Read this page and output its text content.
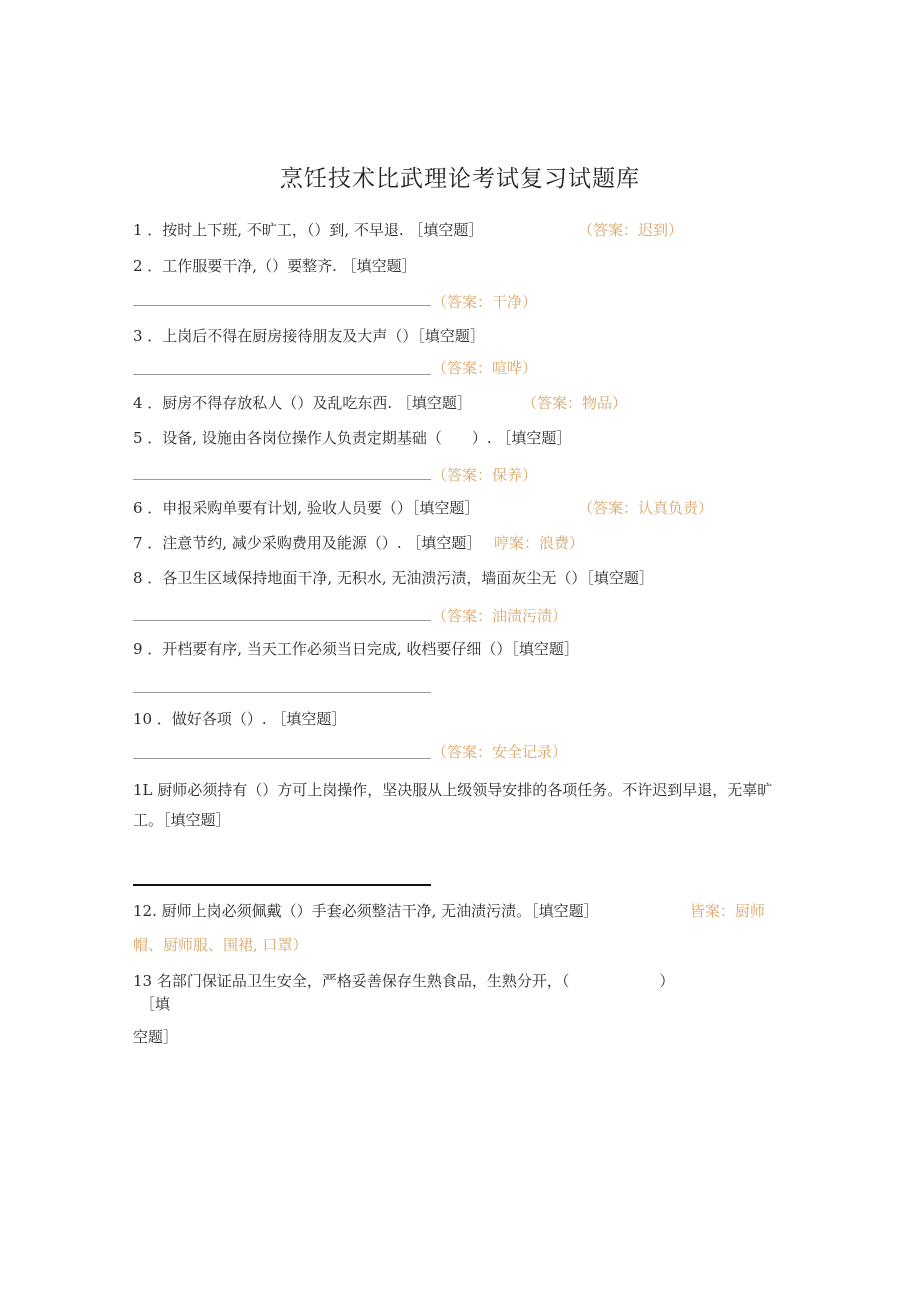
烹饪技术比武理论考试复习试题库
1 ．按时上下班, 不旷工，（）到, 不早退. ［填空题］	（答案：迟到）
2 ．工作服要干净,（）要整齐. ［填空题］
（答案：干净）
3 ．上岗后不得在厨房接待朋友及大声（）［填空题］
（答案：喧哗）
4 ．厨房不得存放私人（）及乱吃东西. ［填空题］	（答案：物品）
5 ．设备, 设施由各岗位操作人负责定期基础（　　）. ［填空题］
（答案：保养）
6 ．申报采购单要有计划, 验收人员要（）［填空题］	（答案：认真负责）
7 ．注意节约, 减少采购费用及能源（）. ［填空题］ 哼案：浪费）
8 ．各卫生区域保持地面干净, 无积水, 无油溃污渍，墙面灰尘无（）［填空题］
（答案：油渍污渍）
9 ．开档要有序, 当天工作必须当日完成, 收档要仔细（）［填空题］
10 ．做好各项（）. ［填空题］
（答案：安全记录）
1L 厨师必须持有（）方可上岗操作，坚决服从上级领导安排的各项任务。不许迟到早退，无辜旷工。［填空题］
12. 厨师上岗必须佩戴（）手套必须整洁干净, 无油渍污渍。［填空题］	皆案：厨师
帽、厨师服、围裙, 口罩）
13 名部门保证品卫生安全，严格妥善保存生熟食品，生熟分开，（　　　　　　）
［填
空题］
